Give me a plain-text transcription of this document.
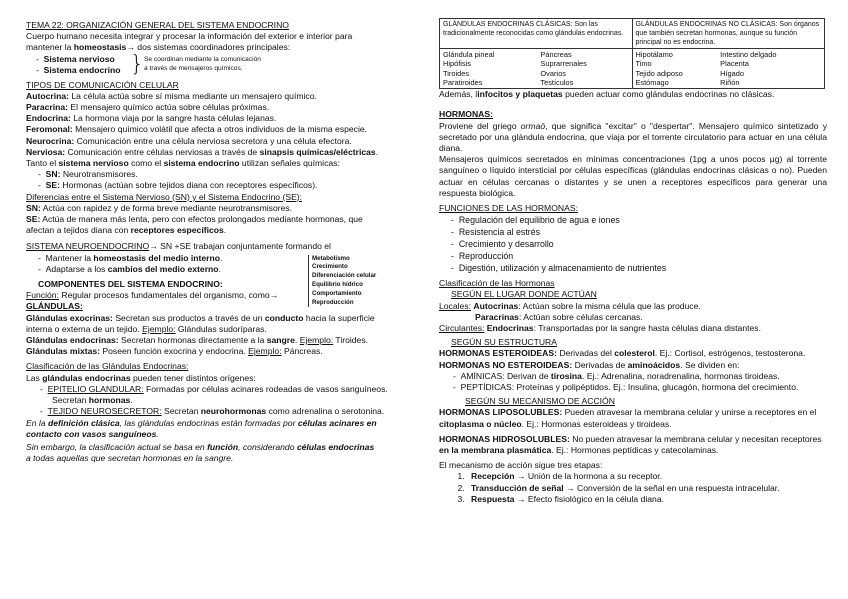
TEMA 22: ORGANIZACIÓN GENERAL DEL SISTEMA ENDOCRINO

Cuerpo humano necesita integrar y procesar la información del exterior e interior para

mantener la homeostasis→ dos sistemas coordinadores principales:

-  Sistema nervioso
-  Sistema endocrino } Se coordinan mediante la comunicación
a través de mensajeros químicos.

TIPOS DE COMUNICACIÓN CELULAR

Autocrina: La célula actúa sobre sí misma mediante un mensajero químico.

Paracrina: El mensajero químico actúa sobre células próximas.

Endocrina: La hormona viaja por la sangre hasta células lejanas.

Feromonal: Mensajero químico volátil que afecta a otros individuos de la misma especie.

Neurocrina: Comunicación entre una célula nerviosa secretora y una célula efectora.

Nerviosa: Comunicación entre células nerviosas a través de sinapsis químicas/eléctricas.

Tanto el sistema nervioso como el sistema endocrino utilizan señales químicas:

-  SN: Neurotransmisores.

-  SE: Hormonas (actúan sobre tejidos diana con receptores específicos).

Diferencias entre el Sistema Nervioso (SN) y el Sistema Endocrino (SE):

SN: Actúa con rapidez y de forma breve mediante neurotransmisores.

SE: Actúa de manera más lenta, pero con efectos prolongados mediante hormonas, que

afectan a tejidos diana con receptores específicos.

SISTEMA NEUROENDOCRINO→ SN +SE trabajan conjuntamente formando el

-  Mantener la homeostasis del medio interno.

-  Adaptarse a los cambios del medio externo.

COMPONENTES DEL SISTEMA ENDOCRINO:

Función: Regular procesos fundamentales del organismo, como→

Metabolismo
Crecimiento
Diferenciación celular
Equilibrio hídrico
Comportamiento
Reproducción

GLÁNDULAS:

Glándulas exocrinas: Secretan sus productos a través de un conducto hacia la superficie

interna o externa de un tejido. Ejemplo: Glándulas sudoríparas.

Glándulas endocrinas: Secretan hormonas directamente a la sangre. Ejemplo: Tiroides.

Glándulas mixtas: Poseen función exocrina y endocrina. Ejemplo: Páncreas.

Clasificación de las Glándulas Endocrinas:

Las glándulas endocrinas pueden tener distintos orígenes:

-  EPITELIO GLANDULAR: Formadas por células acinares rodeadas de vasos sanguíneos.

Secretan hormonas.

-  TEJIDO NEUROSECRETOR: Secretan neurohormonas como adrenalina o serotonina.

En la definición clásica, las glándulas endocrinas están formadas por células acinares en

contacto con vasos sanguíneos.

Sin embargo, la clasificación actual se basa en función, considerando células endocrinas

a todas aquellas que secretan hormonas en la sangre.

GLÁNDULAS ENDOCRINAS CLÁSICAS: Son las tradicionalmente reconocidas como glándulas endocrinas.	GLÁNDULAS ENDOCRINAS NO CLÁSICAS: Son órganos que también secretan hormonas, aunque su función principal no es endocrina.

Glándula pineal	Páncreas
Hipófisis	Suprarrenales
Tiroides	Ovarios
Paratiroides	Testículos

Hipotálamo	Intestino delgado
Timo	Placenta
Tejido adiposo	Hígado
Estómago	Riñón

Además, linfocitos y plaquetas pueden actuar como glándulas endocrinas no clásicas.

HORMONAS:

Proviene del griego ormaō, que significa "excitar" o "despertar". Mensajero químico sintetizado y secretado por una glándula endocrina, que viaja por el torrente circulatorio para actuar en una célula diana.

Mensajeros químicos secretados en mínimas concentraciones (1pg a unos pocos µg) al torrente sanguíneo o líquido intersticial por células específicas (glándulas endocrinas clásicas o no). Pueden actuar en células cercanas o distantes y se unen a receptores específicos para generar una respuesta biológica.

FUNCIONES DE LAS HORMONAS:

-  Regulación del equilibrio de agua e iones

-  Resistencia al estrés

-  Crecimiento y desarrollo

-  Reproducción

-  Digestión, utilización y almacenamiento de nutrientes

Clasificación de las Hormonas

SEGÚN EL LUGAR DONDE ACTÚAN

Locales: Autocrinas: Actúan sobre la misma célula que las produce.

Paracrinas: Actúan sobre células cercanas.

Circulantes: Endocrinas: Transportadas por la sangre hasta células diana distantes.

SEGÚN SU ESTRUCTURA

HORMONAS ESTEROIDEAS: Derivadas del colesterol. Ej.: Cortisol, estrógenos, testosterona.

HORMONAS NO ESTEROIDEAS: Derivadas de aminoácidos. Se dividen en:

-  AMÍNICAS: Derivan de tirosina. Ej.: Adrenalina, noradrenalina, hormonas tiroideas.

-  PEPTÍDICAS: Proteínas y polipéptidos. Ej.: Insulina, glucagón, hormona del crecimiento.

SEGÚN SU MECANISMO DE ACCIÓN

HORMONAS LIPOSOLUBLES: Pueden atravesar la membrana celular y unirse a receptores en el citoplasma o núcleo. Ej.: Hormonas esteroideas y tiroideas.

HORMONAS HIDROSOLUBLES: No pueden atravesar la membrana celular y necesitan receptores en la membrana plasmática. Ej.: Hormonas peptídicas y catecolaminas.

El mecanismo de acción sigue tres etapas:

1. Recepción → Unión de la hormona a su receptor.
2. Transducción de señal → Conversión de la señal en una respuesta intracelular.
3. Respuesta → Efecto fisiológico en la célula diana.
